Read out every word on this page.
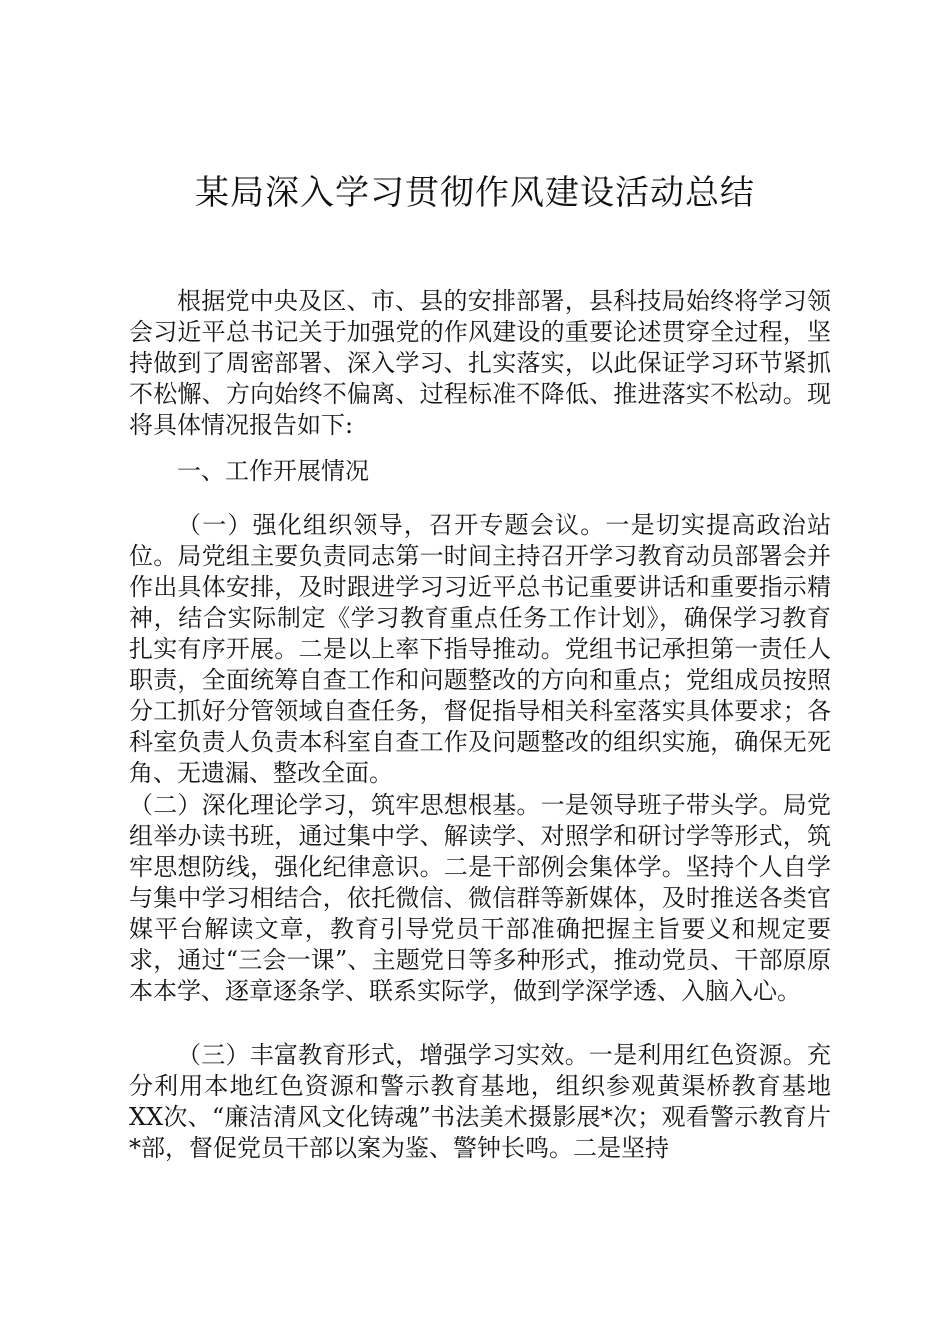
某局深入学习贯彻作风建设活动总结

根据党中央及区、市、县的安排部署，县科技局始终将学习领会习近平总书记关于加强党的作风建设的重要论述贯穿全过程，坚持做到了周密部署、深入学习、扎实落实，以此保证学习环节紧抓不松懈、方向始终不偏离、过程标准不降低、推进落实不松动。现将具体情况报告如下:

一、工作开展情况

（一）强化组织领导，召开专题会议。一是切实提高政治站位。局党组主要负责同志第一时间主持召开学习教育动员部署会并作出具体安排，及时跟进学习习近平总书记重要讲话和重要指示精神，结合实际制定《学习教育重点任务工作计划》，确保学习教育扎实有序开展。二是以上率下指导推动。党组书记承担第一责任人职责，全面统筹自查工作和问题整改的方向和重点；党组成员按照分工抓好分管领域自查任务，督促指导相关科室落实具体要求；各科室负责人负责本科室自查工作及问题整改的组织实施，确保无死角、无遗漏、整改全面。

（二）深化理论学习，筑牢思想根基。一是领导班子带头学。局党组举办读书班，通过集中学、解读学、对照学和研讨学等形式，筑牢思想防线，强化纪律意识。二是干部例会集体学。坚持个人自学与集中学习相结合，依托微信、微信群等新媒体，及时推送各类官媒平台解读文章，教育引导党员干部准确把握主旨要义和规定要求，通过“三会一课”、主题党日等多种形式，推动党员、干部原原本本学、逐章逐条学、联系实际学，做到学深学透、入脑入心。

（三）丰富教育形式，增强学习实效。一是利用红色资源。充分利用本地红色资源和警示教育基地，组织参观黄渠桥教育基地XX次、“廉洁清风文化铸魂”书法美术摄影展*次；观看警示教育片*部，督促党员干部以案为鉴、警钟长鸣。二是坚持
